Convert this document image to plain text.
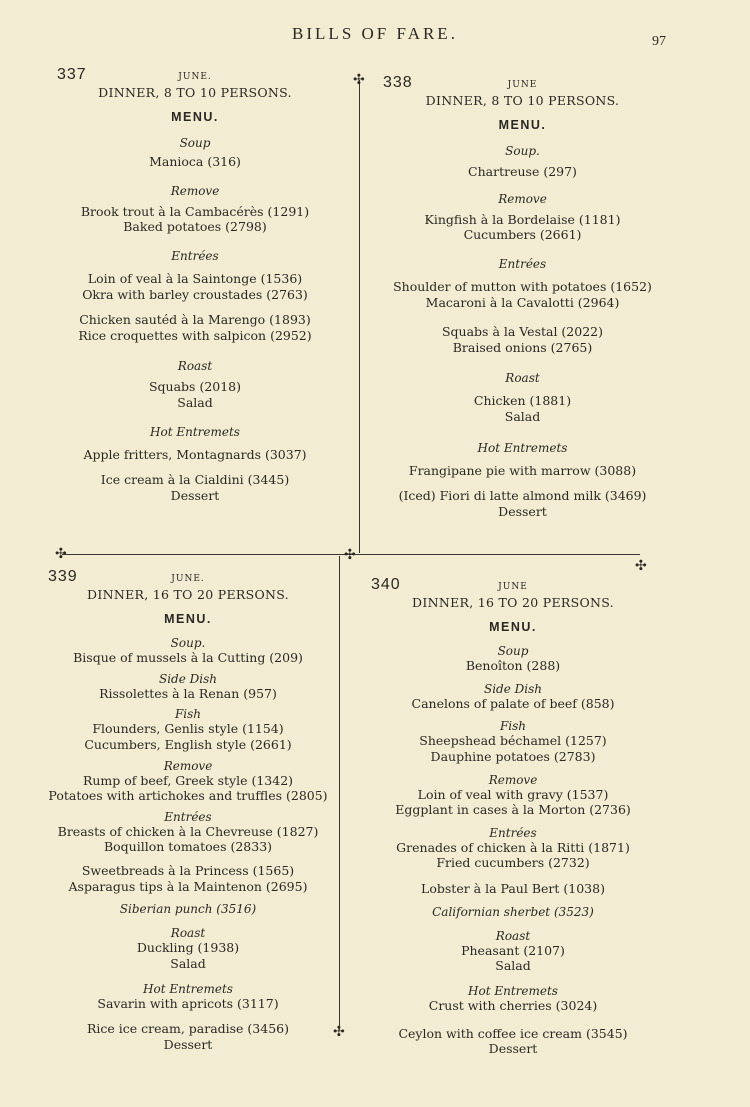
BILLS OF FARE.	97
✣
✣	✣
✣
✣
337	JUNE.
DINNER, 8 TO 10 PERSONS.
MENU.
Soup
Manioca (316)
Remove
Brook trout à la Cambacérès (1291)
Baked potatoes (2798)
Entrées
Loin of veal à la Saintonge (1536)
Okra with barley croustades (2763)
Chicken sautéd à la Marengo (1893)
Rice croquettes with salpicon (2952)
Roast
Squabs (2018)
Salad
Hot Entremets
Apple fritters, Montagnards (3037)
Ice cream à la Cialdini (3445)
Dessert
338	JUNE
DINNER, 8 TO 10 PERSONS.
MENU.
Soup.
Chartreuse (297)
Remove
Kingfish à la Bordelaise (1181)
Cucumbers (2661)
Entrées
Shoulder of mutton with potatoes (1652)
Macaroni à la Cavalotti (2964)
Squabs à la Vestal (2022)
Braised onions (2765)
Roast
Chicken (1881)
Salad
Hot Entremets
Frangipane pie with marrow (3088)
(Iced) Fiori di latte almond milk (3469)
Dessert
339	JUNE.
DINNER, 16 TO 20 PERSONS.
MENU.
Soup.
Bisque of mussels à la Cutting (209)
Side Dish
Rissolettes à la Renan (957)
Fish
Flounders, Genlis style (1154)
Cucumbers, English style (2661)
Remove
Rump of beef, Greek style (1342)
Potatoes with artichokes and truffles (2805)
Entrées
Breasts of chicken à la Chevreuse (1827)
Boquillon tomatoes (2833)
Sweetbreads à la Princess (1565)
Asparagus tips à la Maintenon (2695)
Siberian punch (3516)
Roast
Duckling (1938)
Salad
Hot Entremets
Savarin with apricots (3117)
Rice ice cream, paradise (3456)
Dessert
340	JUNE
DINNER, 16 TO 20 PERSONS.
MENU.
Soup
Benoîton (288)
Side Dish
Canelons of palate of beef (858)
Fish
Sheepshead béchamel (1257)
Dauphine potatoes (2783)
Remove
Loin of veal with gravy (1537)
Eggplant in cases à la Morton (2736)
Entrées
Grenades of chicken à la Ritti (1871)
Fried cucumbers (2732)
Lobster à la Paul Bert (1038)
Californian sherbet (3523)
Roast
Pheasant (2107)
Salad
Hot Entremets
Crust with cherries (3024)
Ceylon with coffee ice cream (3545)
Dessert
